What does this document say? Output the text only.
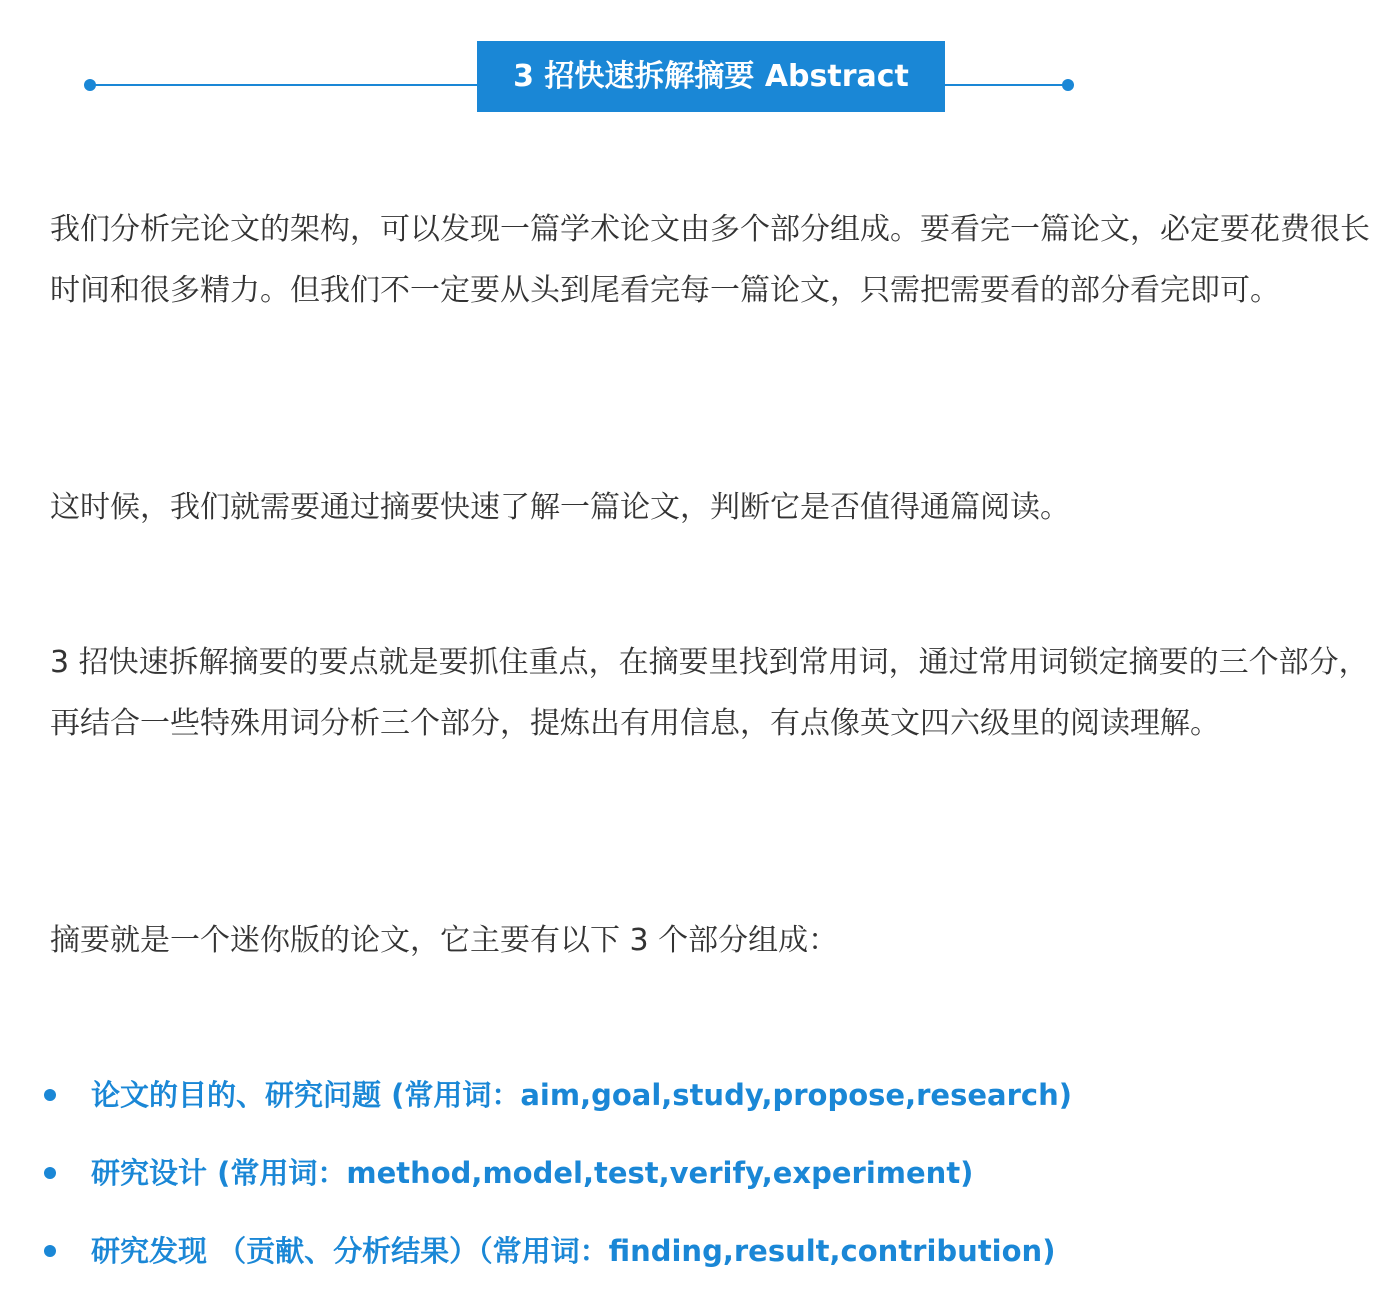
3 招快速拆解摘要 Abstract

我们分析完论文的架构，可以发现一篇学术论文由多个部分组成。要看完一篇论文，必定要花费很长时间和很多精力。但我们不一定要从头到尾看完每一篇论文，只需把需要看的部分看完即可。

这时候，我们就需要通过摘要快速了解一篇论文，判断它是否值得通篇阅读。

3 招快速拆解摘要的要点就是要抓住重点，在摘要里找到常用词，通过常用词锁定摘要的三个部分，再结合一些特殊用词分析三个部分，提炼出有用信息，有点像英文四六级里的阅读理解。

摘要就是一个迷你版的论文，它主要有以下 3 个部分组成：

论文的目的、研究问题 (常用词：aim,goal,study,propose,research)
研究设计 (常用词：method,model,test,verify,experiment)
研究发现 （贡献、分析结果）（常用词：finding,result,contribution)
